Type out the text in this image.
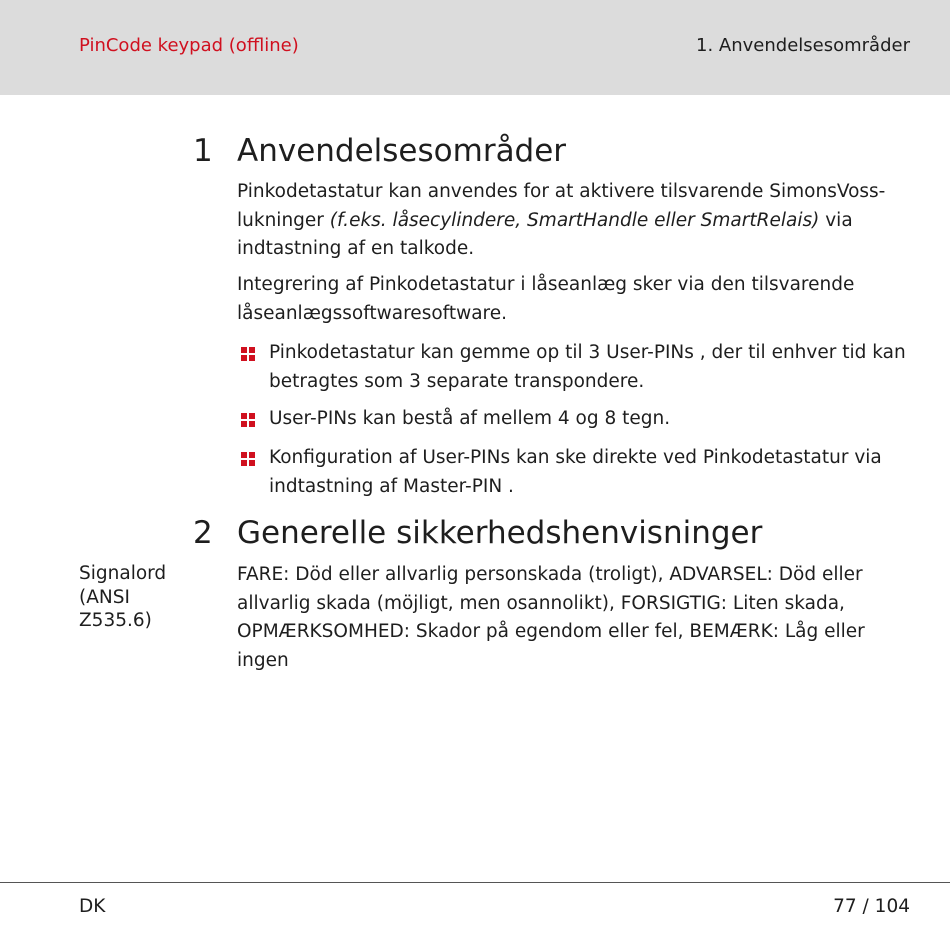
PinCode keypad (offline)	1. Anvendelsesområder
1 Anvendelsesområder
Pinkodetastatur kan anvendes for at aktivere tilsvarende SimonsVoss-lukninger (f.eks. låsecylindere, SmartHandle eller SmartRelais) via indtastning af en talkode.
Integrering af Pinkodetastatur i låseanlæg sker via den tilsvarende låseanlægssoftwaresoftware.
Pinkodetastatur kan gemme op til 3 User-PINs , der til enhver tid kan betragtes som 3 separate transpondere.
User-PINs kan bestå af mellem 4 og 8 tegn.
Konfiguration af User-PINs kan ske direkte ved Pinkodetastatur via indtastning af Master-PIN .
2 Generelle sikkerhedshenvisninger
Signalord (ANSI Z535.6)
FARE: Död eller allvarlig personskada (troligt), ADVARSEL: Död eller allvarlig skada (möjligt, men osannolikt), FORSIGTIG: Liten skada, OPMÆRKSOMHED: Skador på egendom eller fel, BEMÆRK: Låg eller ingen
DK	77 / 104
